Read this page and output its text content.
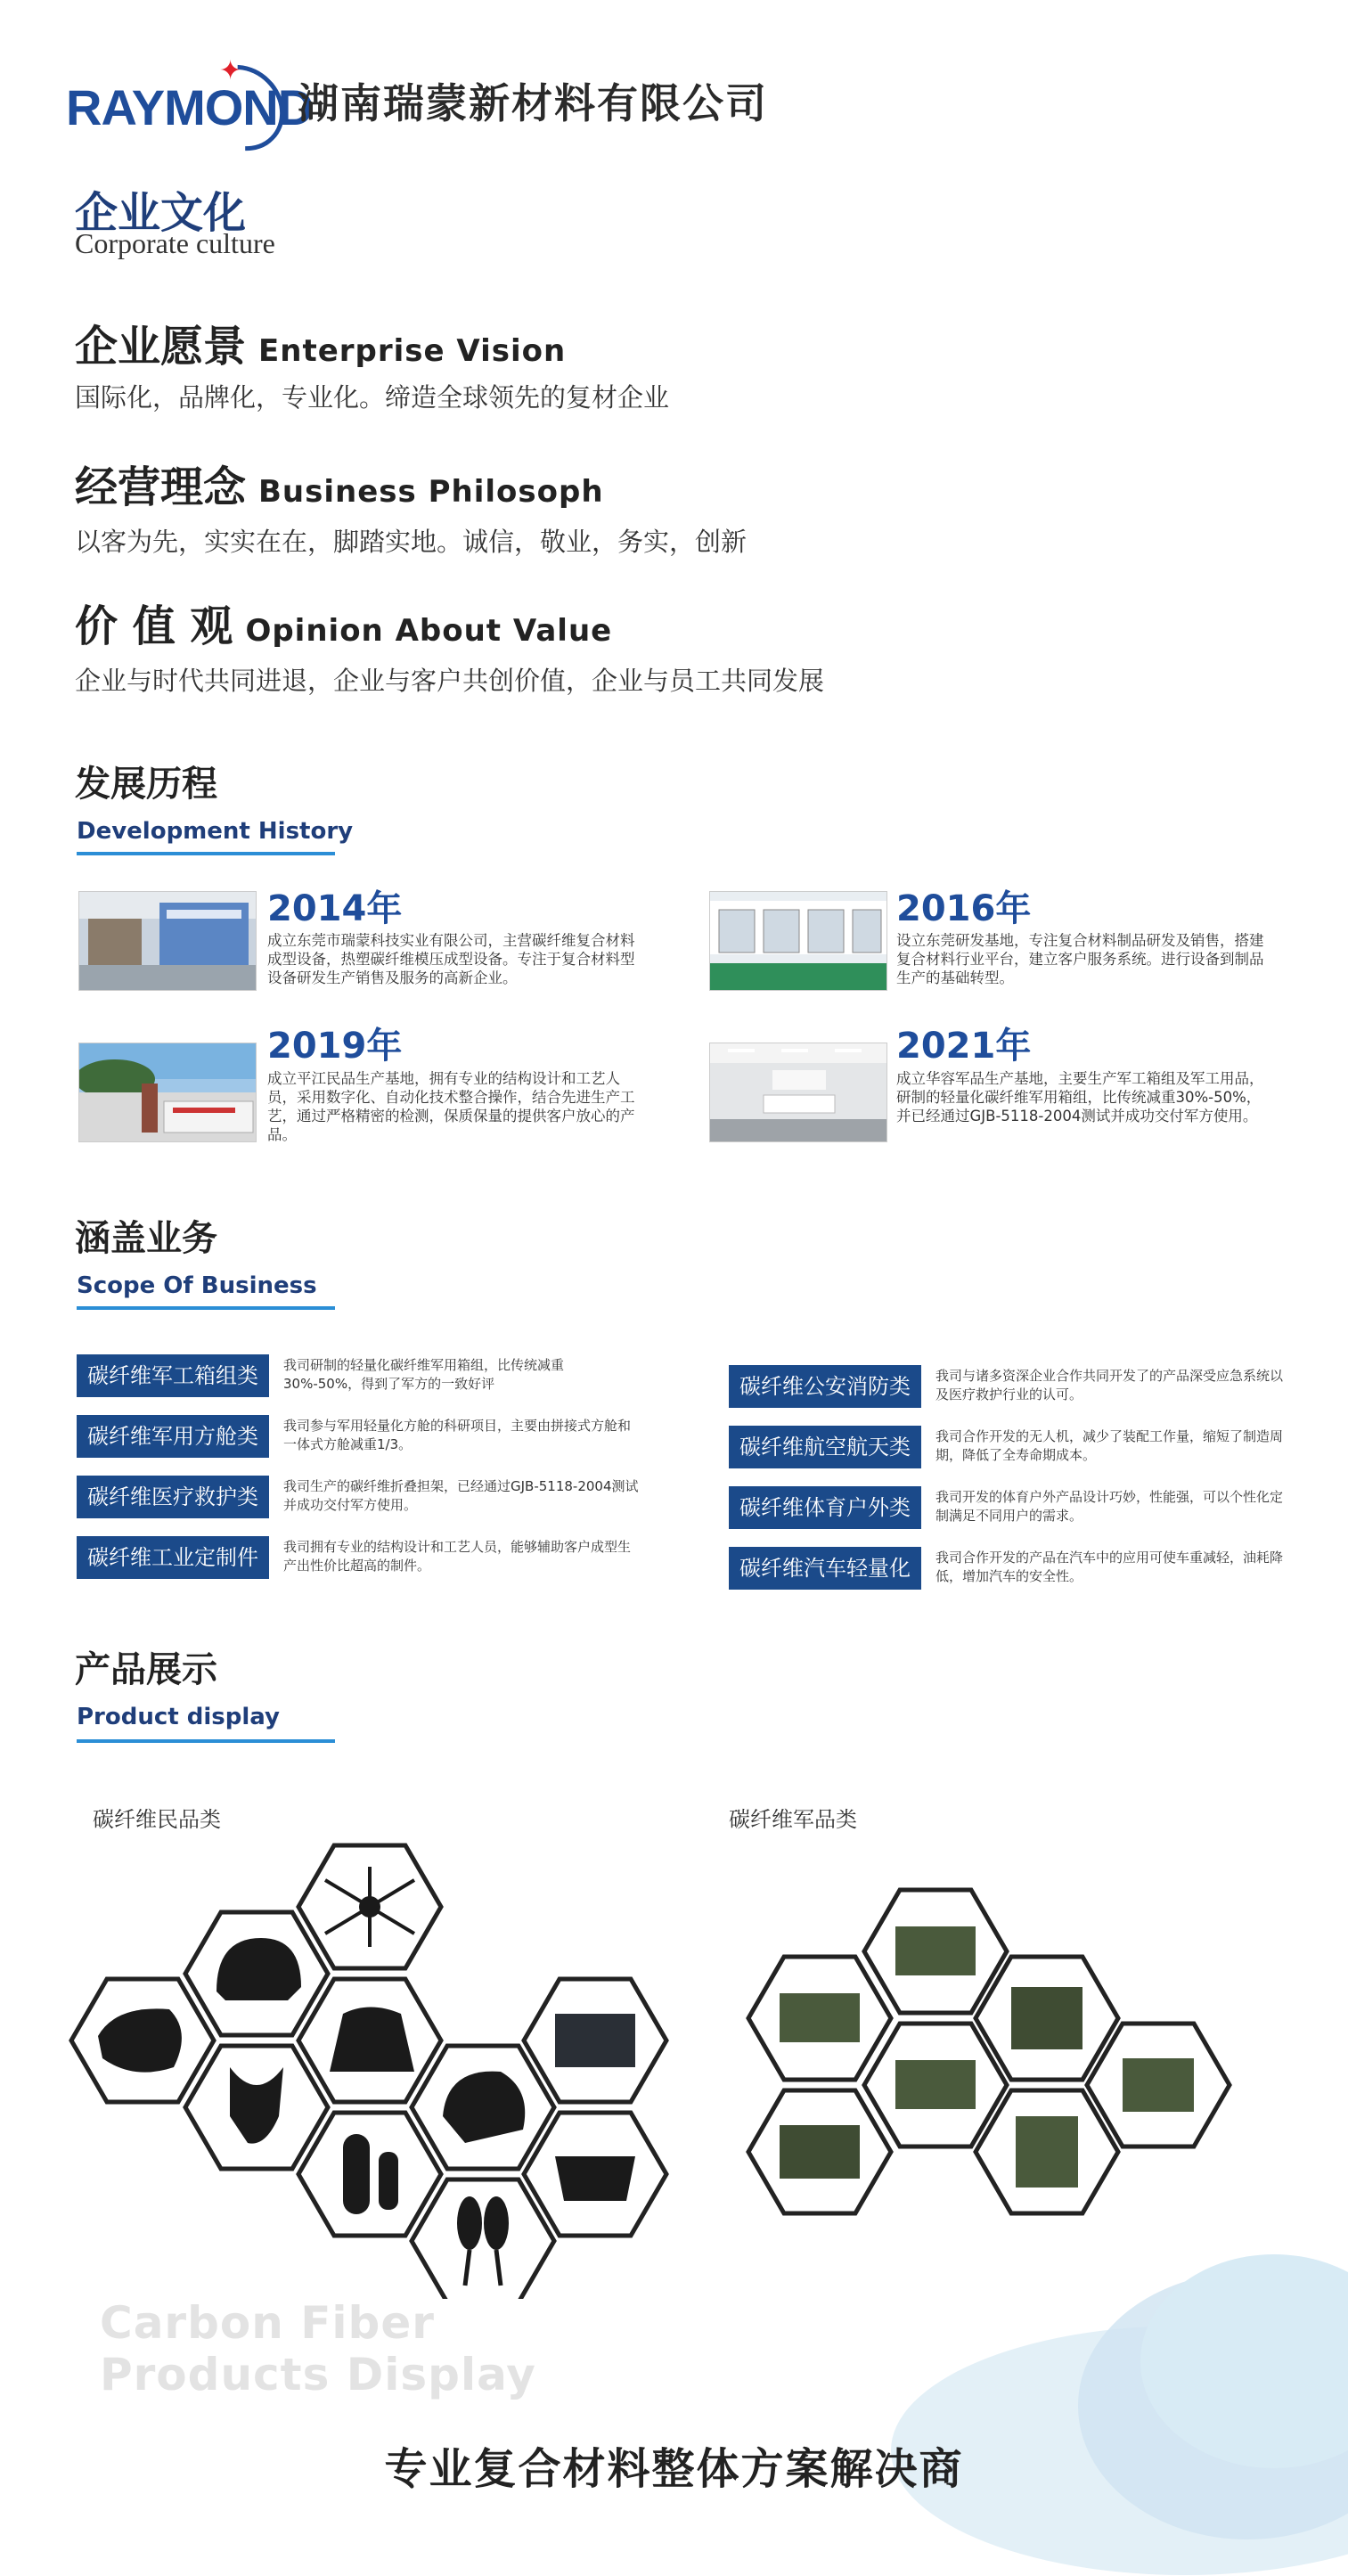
RAYMOND
✦
湖南瑞蒙新材料有限公司
企业文化
Corporate culture
企业愿景 Enterprise Vision
国际化，品牌化，专业化。缔造全球领先的复材企业
经营理念 Business Philosoph
以客为先，实实在在，脚踏实地。诚信，敬业，务实，创新
价 值 观 Opinion About Value
企业与时代共同进退，企业与客户共创价值，企业与员工共同发展
发展历程
Development History
2014年
成立东莞市瑞蒙科技实业有限公司，主营碳纤维复合材料成型设备，热塑碳纤维模压成型设备。专注于复合材料型设备研发生产销售及服务的高新企业。
2016年
设立东莞研发基地，专注复合材料制品研发及销售，搭建复合材料行业平台，建立客户服务系统。进行设备到制品生产的基础转型。
2019年
成立平江民品生产基地，拥有专业的结构设计和工艺人员，采用数字化、自动化技术整合操作，结合先进生产工艺，通过严格精密的检测，保质保量的提供客户放心的产品。
2021年
成立华容军品生产基地，主要生产军工箱组及军工用品，研制的轻量化碳纤维军用箱组，比传统减重30%-50%，并已经通过GJB-5118-2004测试并成功交付军方使用。
涵盖业务
Scope Of Business
碳纤维军工箱组类	我司研制的轻量化碳纤维军用箱组，比传统减重30%-50%，得到了军方的一致好评
碳纤维军用方舱类	我司参与军用轻量化方舱的科研项目，主要由拼接式方舱和一体式方舱减重1/3。
碳纤维医疗救护类	我司生产的碳纤维折叠担架，已经通过GJB-5118-2004测试并成功交付军方使用。
碳纤维工业定制件	我司拥有专业的结构设计和工艺人员，能够辅助客户成型生产出性价比超高的制件。
碳纤维公安消防类	我司与诸多资深企业合作共同开发了的产品深受应急系统以及医疗救护行业的认可。
碳纤维航空航天类	我司合作开发的无人机，减少了装配工作量，缩短了制造周期，降低了全寿命期成本。
碳纤维体育户外类	我司开发的体育户外产品设计巧妙，性能强，可以个性化定制满足不同用户的需求。
碳纤维汽车轻量化	我司合作开发的产品在汽车中的应用可使车重减轻，油耗降低，增加汽车的安全性。
产品展示
Product display
碳纤维民品类	碳纤维军品类
Carbon Fiber
Products Display
专业复合材料整体方案解决商
